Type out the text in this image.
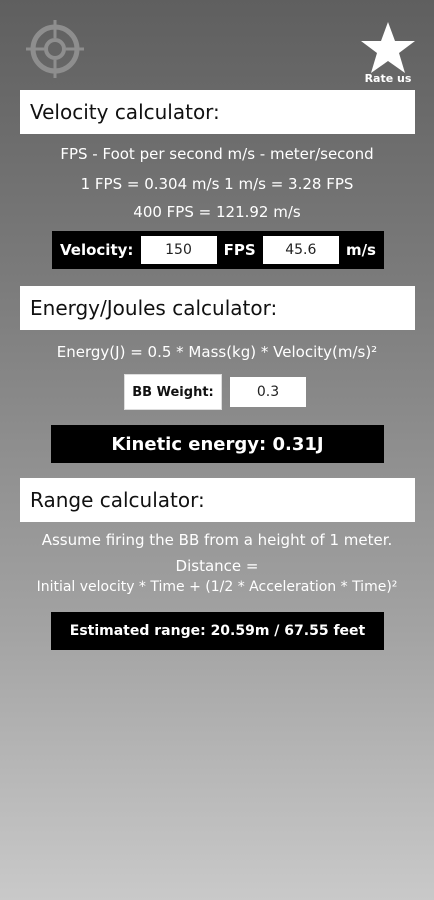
Rate us
Velocity calculator:
FPS - Foot per second m/s - meter/second
1 FPS = 0.304 m/s 1 m/s = 3.28 FPS
400 FPS = 121.92 m/s
Velocity:	150	FPS	45.6	m/s
Energy/Joules calculator:
Energy(J) = 0.5 * Mass(kg) * Velocity(m/s)²
BB Weight:	0.3
Kinetic energy: 0.31J
Range calculator:
Assume firing the BB from a height of 1 meter.
Distance =
Initial velocity * Time + (1/2 * Acceleration * Time)²
Estimated range: 20.59m / 67.55 feet
